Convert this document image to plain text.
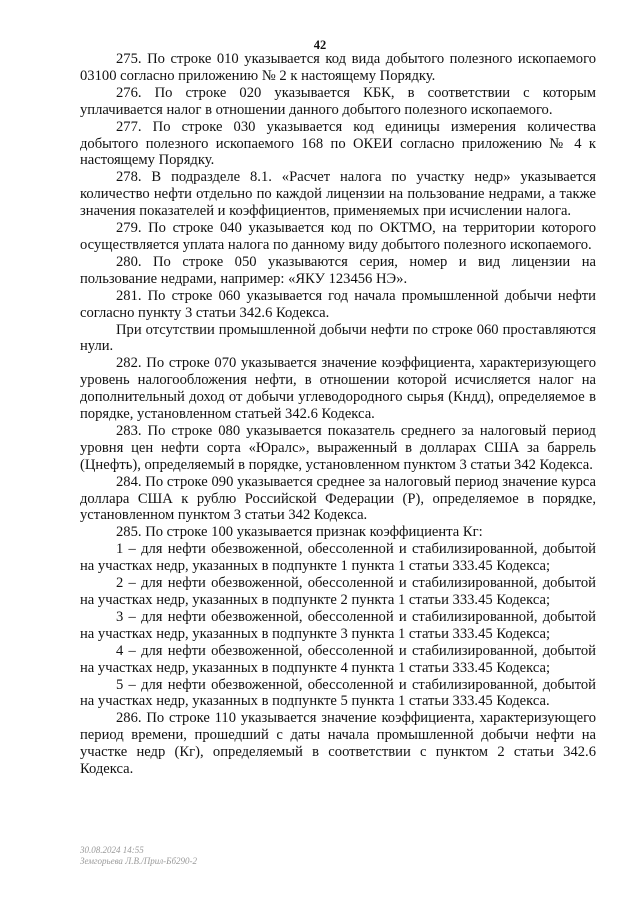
42

275. По строке 010 указывается код вида добытого полезного ископаемого 03100 согласно приложению № 2 к настоящему Порядку.

276. По строке 020 указывается КБК, в соответствии с которым уплачивается налог в отношении данного добытого полезного ископаемого.

277. По строке 030 указывается код единицы измерения количества добытого полезного ископаемого 168 по ОКЕИ согласно приложению № 4 к настоящему Порядку.

278. В подразделе 8.1. «Расчет налога по участку недр» указывается количество нефти отдельно по каждой лицензии на пользование недрами, а также значения показателей и коэффициентов, применяемых при исчислении налога.

279. По строке 040 указывается код по ОКТМО, на территории которого осуществляется уплата налога по данному виду добытого полезного ископаемого.

280. По строке 050 указываются серия, номер и вид лицензии на пользование недрами, например: «ЯКУ 123456 НЭ».

281. По строке 060 указывается год начала промышленной добычи нефти согласно пункту 3 статьи 342.6 Кодекса.

При отсутствии промышленной добычи нефти по строке 060 проставляются нули.

282. По строке 070 указывается значение коэффициента, характеризующего уровень налогообложения нефти, в отношении которой исчисляется налог на дополнительный доход от добычи углеводородного сырья (Кндд), определяемое в порядке, установленном статьей 342.6 Кодекса.

283. По строке 080 указывается показатель среднего за налоговый период уровня цен нефти сорта «Юралс», выраженный в долларах США за баррель (Цнефть), определяемый в порядке, установленном пунктом 3 статьи 342 Кодекса.

284. По строке 090 указывается среднее за налоговый период значение курса доллара США к рублю Российской Федерации (Р), определяемое в порядке, установленном пунктом 3 статьи 342 Кодекса.

285. По строке 100 указывается признак коэффициента Кг:

1 – для нефти обезвоженной, обессоленной и стабилизированной, добытой на участках недр, указанных в подпункте 1 пункта 1 статьи 333.45 Кодекса;

2 – для нефти обезвоженной, обессоленной и стабилизированной, добытой на участках недр, указанных в подпункте 2 пункта 1 статьи 333.45 Кодекса;

3 – для нефти обезвоженной, обессоленной и стабилизированной, добытой на участках недр, указанных в подпункте 3 пункта 1 статьи 333.45 Кодекса;

4 – для нефти обезвоженной, обессоленной и стабилизированной, добытой на участках недр, указанных в подпункте 4 пункта 1 статьи 333.45 Кодекса;

5 – для нефти обезвоженной, обессоленной и стабилизированной, добытой на участках недр, указанных в подпункте 5 пункта 1 статьи 333.45 Кодекса.

286. По строке 110 указывается значение коэффициента, характеризующего период времени, прошедший с даты начала промышленной добычи нефти на участке недр (Кг), определяемый в соответствии с пунктом 2 статьи 342.6 Кодекса.

30.08.2024 14:55
Земгорьева Л.В./Прил-Бб290-2
